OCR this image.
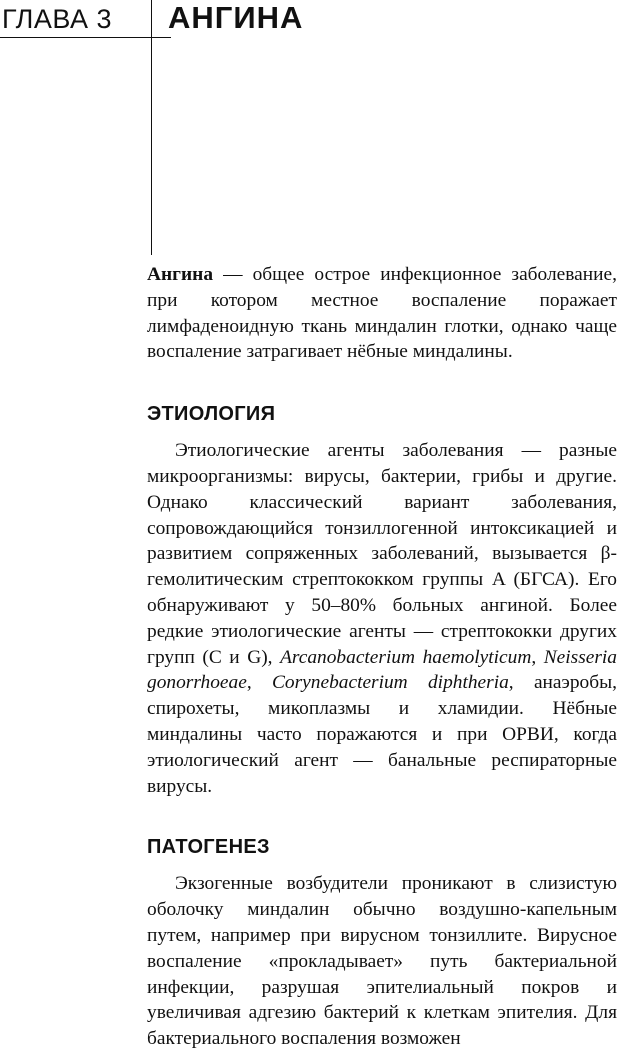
ГЛАВА 3 АНГИНА

Ангина — общее острое инфекционное заболевание, при котором местное воспаление поражает лимфаденоидную ткань миндалин глотки, однако чаще воспаление затрагивает нёбные миндалины.

ЭТИОЛОГИЯ

Этиологические агенты заболевания — разные микроорганизмы: вирусы, бактерии, грибы и другие. Однако классический вариант заболевания, сопровождающийся тонзиллогенной интоксикацией и развитием сопряженных заболеваний, вызывается β-гемолитическим стрептококком группы A (БГСА). Его обнаруживают у 50–80% больных ангиной. Более редкие этиологические агенты — стрептококки других групп (C и G), Arcanobacterium haemolyticum, Neisseria gonorrhoeae, Corynebacterium diphtheria, анаэробы, спирохеты, микоплазмы и хламидии. Нёбные миндалины часто поражаются и при ОРВИ, когда этиологический агент — банальные респираторные вирусы.

ПАТОГЕНЕЗ

Экзогенные возбудители проникают в слизистую оболочку миндалин обычно воздушно-капельным путем, например при вирусном тонзиллите. Вирусное воспаление «прокладывает» путь бактериальной инфекции, разрушая эпителиальный покров и увеличивая адгезию бактерий к клеткам эпителия. Для бактериального воспаления возможен
